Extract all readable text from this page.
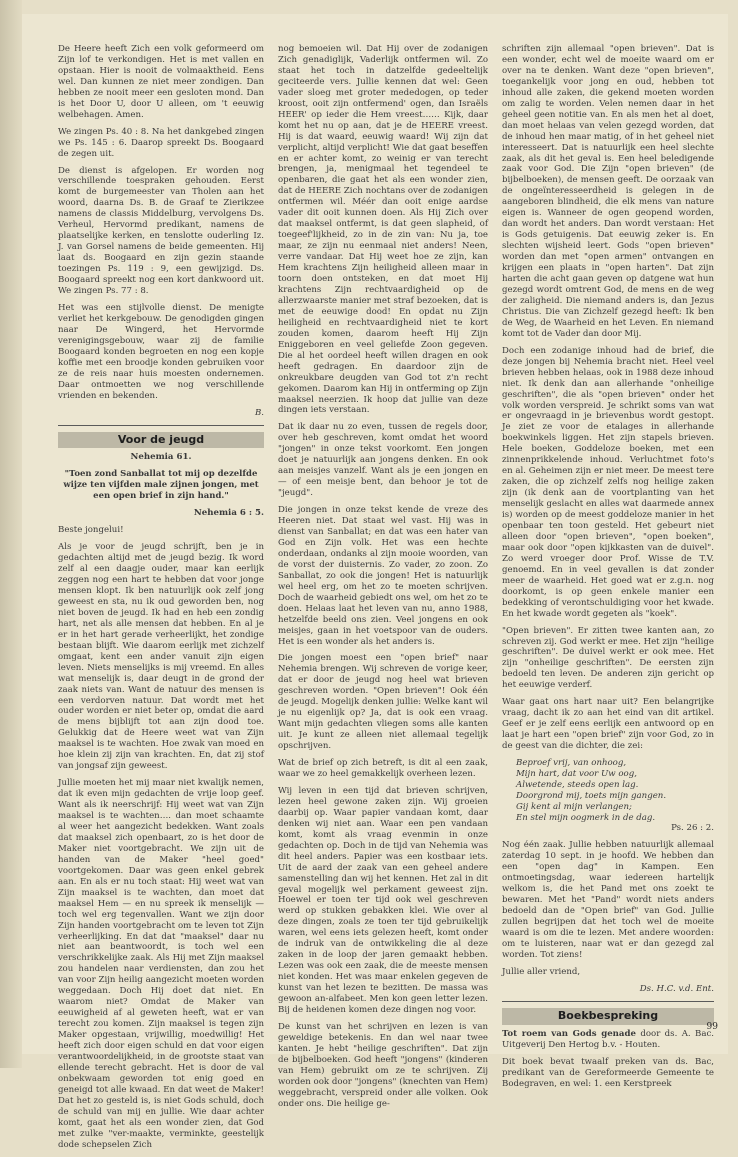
De Heere heeft Zich een volk geformeerd om Zijn lof te verkondigen. Het is met vallen en opstaan. Hier is nooit de volmaaktheid. Eens wel. Dan kunnen ze niet meer zondigen. Dan hebben ze nooit meer een gesloten mond. Dan is het Door U, door U alleen, om 't eeuwig welbehagen. Amen.

We zingen Ps. 40 : 8. Na het dankgebed zingen we Ps. 145 : 6. Daarop spreekt Ds. Boogaard de zegen uit.

De dienst is afgelopen. Er worden nog verschillende toespraken gehouden. Eerst komt de burgemeester van Tholen aan het woord, daarna Ds. B. de Graaf te Zierikzee namens de classis Middelburg, vervolgens Ds. Verheul, Hervormd predikant, namens de plaatselijke kerken, en tenslotte ouderling Iz. J. van Gorsel namens de beide gemeenten. Hij laat ds. Boogaard en zijn gezin staande toezingen Ps. 119 : 9, een gewijzigd. Ds. Boogaard spreekt nog een kort dankwoord uit. We zingen Ps. 77 : 8.

Het was een stijlvolle dienst. De menigte verliet het kerkgebouw. De genodigden gingen naar De Wingerd, het Hervormde verenigingsgebouw, waar zij de familie Boogaard konden begroeten en nog een kopje koffie met een broodje konden gebruiken voor ze de reis naar huis moesten ondernemen. Daar ontmoetten we nog verschillende vrienden en bekenden.

B.

Voor de jeugd

Nehemia 61.

"Toen zond Sanballat tot mij op dezelfde wijze ten vijfden male zijnen jongen, met een open brief in zijn hand."

Nehemia 6 : 5.

Beste jongelui!

Als je voor de jeugd schrijft, ben je in gedachten altijd met de jeugd bezig. Ik word zelf al een daagje ouder, maar kan eerlijk zeggen nog een hart te hebben dat voor jonge mensen klopt. Ik ben natuurlijk ook zelf jong geweest en sta, nu ik oud geworden ben, nog niet boven de jeugd. Ik had en heb een zondig hart, net als alle mensen dat hebben. En al je er in het hart gerade verheerlijkt, het zondige bestaan blijft. Wie daarom eerlijk met zichzelf omgaat, kent een ander vanuit zijn eigen leven. Niets menselijks is mij vreemd. En alles wat menselijk is, daar deugt in de grond der zaak niets van. Want de natuur des mensen is een verdorven natuur. Dat wordt met het ouder worden er niet beter op, omdat die aard de mens bijblijft tot aan zijn dood toe. Gelukkig dat de Heere weet wat van Zijn maaksel is te wachten. Hoe zwak van moed en hoe klein zij zijn van krachten. En, dat zij stof van jongsaf zijn geweest.

Jullie moeten het mij maar niet kwalijk nemen, dat ik even mijn gedachten de vrije loop geef. Want als ik neerschrijf: Hij weet wat van Zijn maaksel is te wachten…. dan moet schaamte al weer het aangezicht bedekken. Want zoals dat maaksel zich openbaart, zo is het door de Maker niet voortgebracht. We zijn uit de handen van de Maker "heel goed" voortgekomen. Daar was geen enkel gebrek aan. En als er nu toch staat: Hij weet wat van Zijn maaksel is te wachten, dan moet dat maaksel Hem — en nu spreek ik menselijk — toch wel erg tegenvallen. Want we zijn door Zijn handen voortgebracht om te leven tot Zijn verheerlijking. En dat dat "maaksel" daar nu niet aan beantwoordt, is toch wel een verschrikkelijke zaak. Als Hij met Zijn maaksel zou handelen naar verdiensten, dan zou het van voor Zijn heilig aangezicht moeten worden weggedaan. Doch Hij doet dat niet. En waarom niet? Omdat de Maker van eeuwigheid af al geweten heeft, wat er van terecht zou komen. Zijn maaksel is tegen zijn Maker opgestaan, vrijwillig, moedwillig! Het heeft zich door eigen schuld en dat voor eigen verantwoordelijkheid, in de grootste staat van ellende terecht gebracht. Het is door de val onbekwaam geworden tot enig goed en geneigd tot alle kwaad. En dat weet de Maker! Dat het zo gesteld is, is niet Gods schuld, doch de schuld van mij en jullie. Wie daar achter komt, gaat het als een wonder zien, dat God met zulke "ver-maakte, verminkte, geestelijk dode schepselen Zich

nog bemoeien wil. Dat Hij over de zodanigen Zich genadiglijk, Vaderlijk ontfermen wil. Zo staat het toch in datzelfde gedeeltelijk geciteerde vers. Jullie kennen dat wel: Geen vader sloeg met groter mededogen, op teder kroost, ooit zijn ontfermend' ogen, dan Israëls HEER' op ieder die Hem vreest…… Kijk, daar komt het nu op aan, dat je de HEERE vreest. Hij is dat waard, eeuwig waard! Wij zijn dat verplicht, altijd verplicht! Wie dat gaat beseffen en er achter komt, zo weinig er van terecht brengen, ja, menigmaal het tegendeel te openbaren, die gaat het als een wonder zien, dat de HEERE Zich nochtans over de zodanigen ontfermen wil. Méér dan ooit enige aardse vader dit ooit kunnen doen. Als Hij Zich over dat maaksel ontfermt, is dat geen slapheid, of toegeef'lijkheid, zo in de zin van: Nu ja, toe maar, ze zijn nu eenmaal niet anders! Neen, verre vandaar. Dat Hij weet hoe ze zijn, kan Hem krachtens Zijn heiligheid alleen maar in toorn doen ontsteken, en dat moet Hij krachtens Zijn rechtvaardigheid op de allerzwaarste manier met straf bezoeken, dat is met de eeuwige dood! En opdat nu Zijn heiligheid en rechtvaardigheid niet te kort zouden komen, daarom heeft Hij Zijn Eniggeboren en veel geliefde Zoon gegeven. Die al het oordeel heeft willen dragen en ook heeft gedragen. En daardoor zijn de onkreukbare deugden van God tot z'n recht gekomen. Daarom kan Hij in ontferming op Zijn maaksel neerzien. Ik hoop dat jullie van deze dingen iets verstaan.

Dat ik daar nu zo even, tussen de regels door, over heb geschreven, komt omdat het woord "jongen" in onze tekst voorkomt. Een jongen doet je natuurlijk aan jongens denken. En ook aan meisjes vanzelf. Want als je een jongen en — of een meisje bent, dan behoor je tot de "jeugd".

Die jongen in onze tekst kende de vreze des Heeren niet. Dat staat wel vast. Hij was in dienst van Sanballat; en dat was een hater van God en Zijn volk. Het was een hechte onderdaan, ondanks al zijn mooie woorden, van de vorst der duisternis. Zo vader, zo zoon. Zo Sanballat, zo ook die jongen! Het is natuurlijk wel heel erg, om het zo te moeten schrijven. Doch de waarheid gebiedt ons wel, om het zo te doen. Helaas laat het leven van nu, anno 1988, hetzelfde beeld ons zien. Veel jongens en ook meisjes, gaan in het voetspoor van de ouders. Het is een wonder als het anders is.

Die jongen moest een "open brief" naar Nehemia brengen. Wij schreven de vorige keer, dat er door de jeugd nog heel wat brieven geschreven worden. "Open brieven"! Ook één de jeugd. Mogelijk denken jullie: Welke kant wil je nu eigenlijk op? Ja, dat is ook een vraag. Want mijn gedachten vliegen soms alle kanten uit. Je kunt ze alleen niet allemaal tegelijk opschrijven.

Wat de brief op zich betreft, is dit al een zaak, waar we zo heel gemakkelijk overheen lezen.

Wij leven in een tijd dat brieven schrijven, lezen heel gewone zaken zijn. Wij groeien daarbij op. Waar papier vandaan komt, daar denken wij niet aan. Waar een pen vandaan komt, komt als vraag evenmin in onze gedachten op. Doch in de tijd van Nehemia was dit heel anders. Papier was een kostbaar iets. Uit de aard der zaak van een geheel andere samenstelling dan wij het kennen. Het zal in dit geval mogelijk wel perkament geweest zijn. Hoewel er toen ter tijd ook wel geschreven werd op stukken gebakken klei. Wie over al deze dingen, zoals ze toen ter tijd gebruikelijk waren, wel eens iets gelezen heeft, komt onder de indruk van de ontwikkeling die al deze zaken in de loop der jaren gemaakt hebben. Lezen was ook een zaak, die de meeste mensen niet konden. Het was maar enkelen gegeven de kunst van het lezen te bezitten. De massa was gewoon an-alfabeet. Men kon geen letter lezen. Bij de heidenen komen deze dingen nog voor.

De kunst van het schrijven en lezen is van geweldige betekenis. En dan wel naar twee kanten. Je hebt "heilige geschriften". Dat zijn de bijbelboeken. God heeft "jongens" (kinderen van Hem) gebruikt om ze te schrijven. Zij worden ook door "jongens" (knechten van Hem) weggebracht, verspreid onder alle volken. Ook onder ons. Die heilige ge-

schriften zijn allemaal "open brieven". Dat is een wonder, echt wel de moeite waard om er over na te denken. Want deze "open brieven", toegankelijk voor jong en oud, hebben tot inhoud alle zaken, die gekend moeten worden om zalig te worden. Velen nemen daar in het geheel geen notitie van. En als men het al doet, dan moet helaas van velen gezegd worden, dat de inhoud hen maar matig, of in het geheel niet interesseert. Dat is natuurlijk een heel slechte zaak, als dit het geval is. Een heel beledigende zaak voor God. Die Zijn "open brieven" (de bijbelboeken), de mensen geeft. De oorzaak van de ongeïnteresseerdheid is gelegen in de aangeboren blindheid, die elk mens van nature eigen is. Wanneer de ogen geopend worden, dan wordt het anders. Dan wordt verstaan: Het is Gods getuigenis. Dat eeuwig zeker is. En slechten wijsheid leert. Gods "open brieven" worden dan met "open armen" ontvangen en krijgen een plaats in "open harten". Dat zijn harten die acht gaan geven op datgene wat hun gezegd wordt omtrent God, de mens en de weg der zaligheid. Die niemand anders is, dan Jezus Christus. Die van Zichzelf gezegd heeft: Ik ben de Weg, de Waarheid en het Leven. En niemand komt tot de Vader dan door Mij.

Doch een zodanige inhoud had de brief, die deze jongen bij Nehemia bracht niet. Heel veel brieven hebben helaas, ook in 1988 deze inhoud niet. Ik denk dan aan allerhande "onheilige geschriften", die als "open brieven" onder het volk worden verspreid. Je schrikt soms van wat er ongevraagd in je brievenbus wordt gestopt. Je ziet ze voor de etalages in allerhande boekwinkels liggen. Het zijn stapels brieven. Hele boeken, Goddeloze boeken, met een zinnenprikkelende inhoud. Verluchtmet foto's en al. Geheimen zijn er niet meer. De meest tere zaken, die op zichzelf zelfs nog heilige zaken zijn (ik denk aan de voortplanting van het menselijk geslacht en alles wat daarmede annex is) worden op de meest goddeloze manier in het openbaar ten toon gesteld. Het gebeurt niet alleen door "open brieven", "open boeken", maar ook door "open kijkkasten van de duivel". Zo werd vroeger door Prof. Wisse de T.V. genoemd. En in veel gevallen is dat zonder meer de waarheid. Het goed wat er z.g.n. nog doorkomt, is op geen enkele manier een bedekking of verontschuldiging voor het kwade. En het kwade wordt gegeten als "koek".

"Open brieven". Er zitten twee kanten aan, zo schreven zij. God werkt er mee. Het zijn "heilige geschriften". De duivel werkt er ook mee. Het zijn "onheilige geschriften". De eersten zijn bedoeld ten leven. De anderen zijn gericht op het eeuwige verderf.

Waar gaat ons hart naar uit? Een belangrijke vraag, dacht ik zo aan het eind van dit artikel. Geef er je zelf eens eerlijk een antwoord op en laat je hart een "open brief" zijn voor God, zo in de geest van die dichter, die zei:

Beproef vrij, van onhoog,
Mijn hart, dat voor Uw oog,
Alwetende, steeds open lag.
Doorgrond mij, toets mijn gangen.
Gij kent al mijn verlangen;
En stel mijn oogmerk in de dag.
Ps. 26 : 2.

Nog één zaak. Jullie hebben natuurlijk allemaal zaterdag 10 sept. in je hoofd. We hebben dan een "open dag" in Kampen. Een ontmoetingsdag, waar iedereen hartelijk welkom is, die het Pand met ons zoekt te bewaren. Met het "Pand" wordt niets anders bedoeld dan de "Open brief" van God. Jullie zullen begrijpen dat het toch wel de moeite waard is om die te lezen. Met andere woorden: om te luisteren, naar wat er dan gezegd zal worden. Tot ziens!

Jullie aller vriend,

Ds. H.C. v.d. Ent.

Boekbespreking

Tot roem van Gods genade door ds. A. Bac. Uitgeverij Den Hertog b.v. - Houten.

Dit boek bevat twaalf preken van ds. Bac, predikant van de Gereformeerde Gemeente te Bodegraven, en wel: 1. een Kerstpreek

99
